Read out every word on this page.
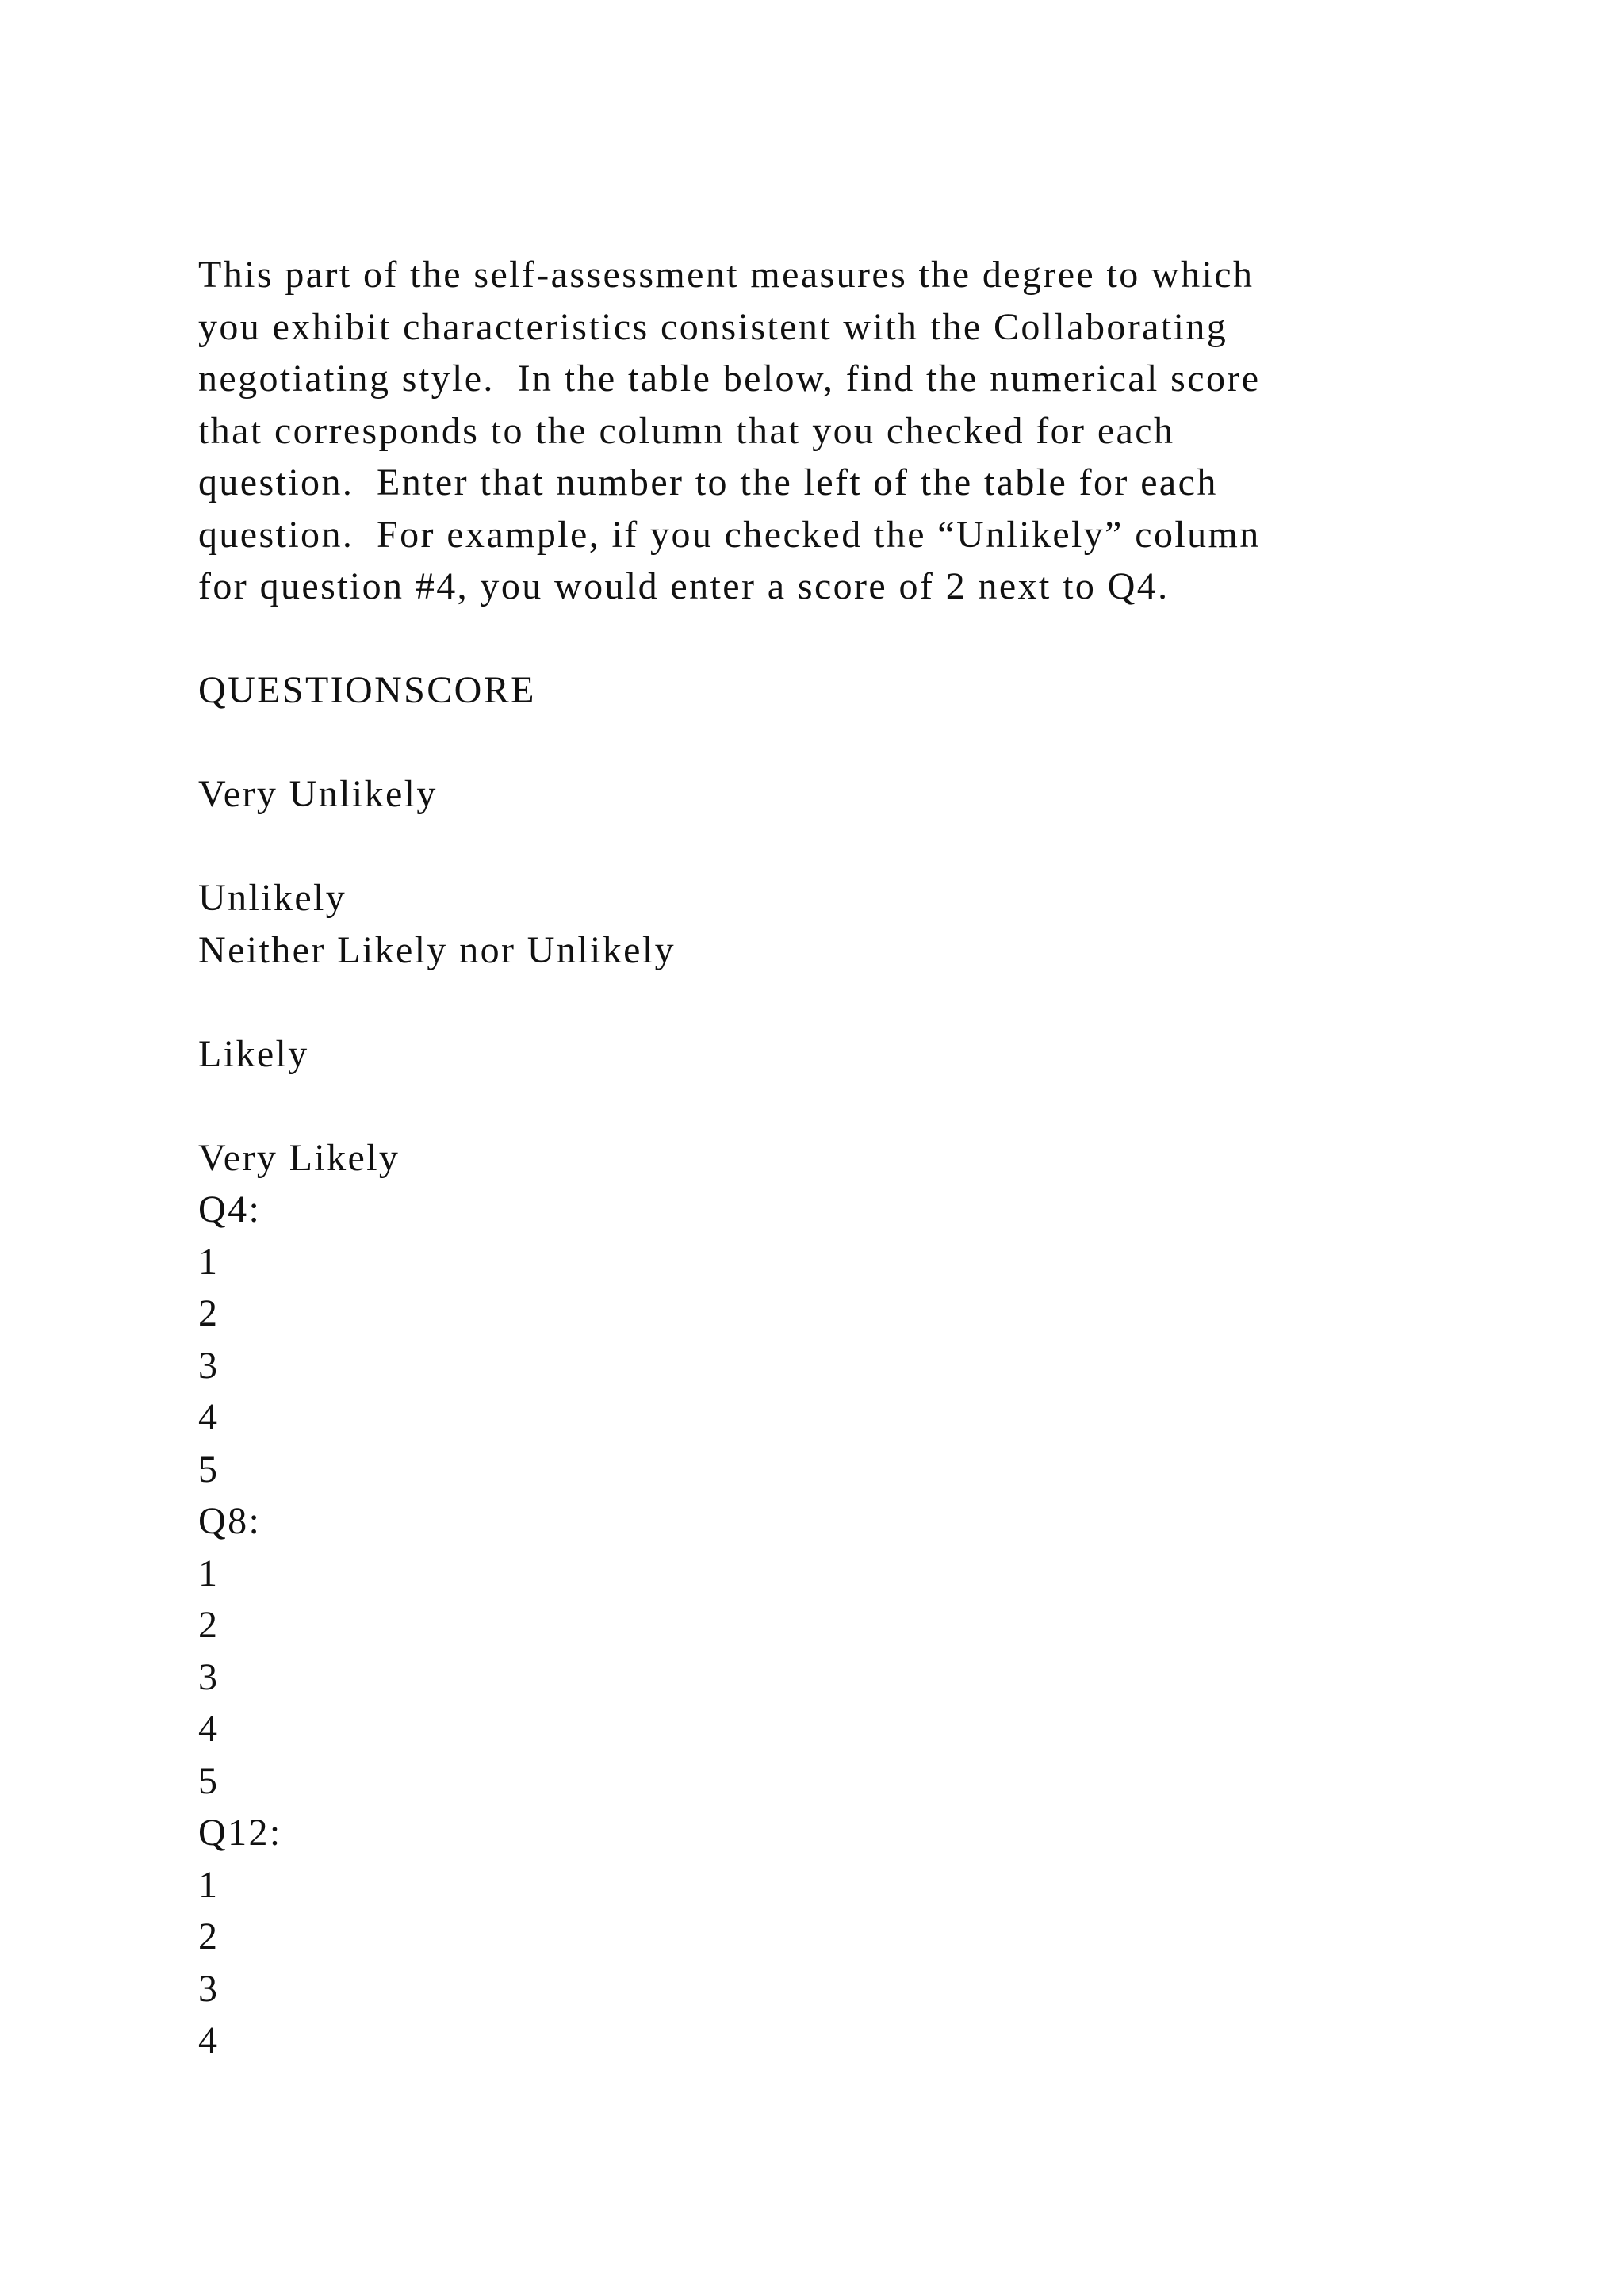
This part of the self-assessment measures the degree to which
you exhibit characteristics consistent with the Collaborating
negotiating style.  In the table below, find the numerical score
that corresponds to the column that you checked for each
question.  Enter that number to the left of the table for each
question.  For example, if you checked the “Unlikely” column
for question #4, you would enter a score of 2 next to Q4.
QUESTIONSCORE
Very Unlikely
Unlikely
Neither Likely nor Unlikely
Likely
Very Likely
Q4:
1
2
3
4
5
Q8:
1
2
3
4
5
Q12:
1
2
3
4
